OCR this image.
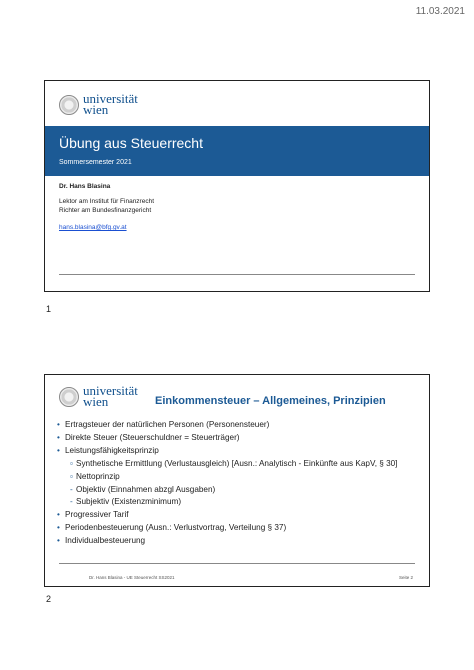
11.03.2021
universität
wien
Übung aus Steuerrecht
Sommersemester 2021
Dr. Hans Blasina
Lektor am Institut für Finanzrecht
Richter am Bundesfinanzgericht
hans.blasina@bfg.gv.at
1
universität
wien	Einkommensteuer – Allgemeines, Prinzipien
• Ertragsteuer der natürlichen Personen (Personensteuer)
• Direkte Steuer (Steuerschuldner = Steuerträger)
• Leistungsfähigkeitsprinzip
▫ Synthetische Ermittlung (Verlustausgleich) [Ausn.: Analytisch - Einkünfte aus KapV, § 30]
▫ Nettoprinzip
- Objektiv (Einnahmen abzgl Ausgaben)
- Subjektiv (Existenzminimum)
• Progressiver Tarif
• Periodenbesteuerung (Ausn.: Verlustvortrag, Verteilung § 37)
• Individualbesteuerung
Dr. Hans Blasina - UE Steuerrecht SS2021	Seite 2
2
